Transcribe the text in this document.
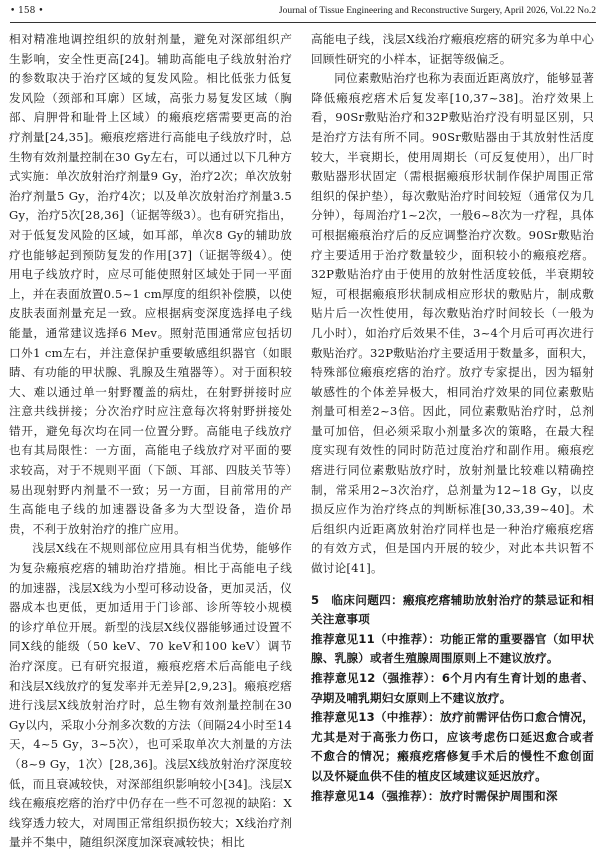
• 158 •	Journal of Tissue Engineering and Reconstructive Surgery, April 2026, Vol.22 No.2

相对精准地调控组织的放射剂量，避免对深部组织产生影响，安全性更高[24]。辅助高能电子线放射治疗的参数取决于治疗区域的复发风险。相比低张力低复发风险（颈部和耳廓）区域，高张力易复发区域（胸部、肩胛骨和耻骨上区域）的瘢痕疙瘩需要更高的治疗剂量[24,35]。瘢痕疙瘩进行高能电子线放疗时，总生物有效剂量控制在30 Gy左右，可以通过以下几种方式实施：单次放射治疗剂量9 Gy，治疗2次；单次放射治疗剂量5 Gy，治疗4次；以及单次放射治疗剂量3.5 Gy，治疗5次[28,36]（证据等级3）。也有研究指出，对于低复发风险的区域，如耳部，单次8 Gy的辅助放疗也能够起到预防复发的作用[37]（证据等级4）。使用电子线放疗时，应尽可能使照射区域处于同一平面上，并在表面放置0.5~1 cm厚度的组织补偿膜，以使皮肤表面剂量充足一致。应根据病变深度选择电子线能量，通常建议选择6 Mev。照射范围通常应包括切口外1 cm左右，并注意保护重要敏感组织器官（如眼睛、有功能的甲状腺、乳腺及生殖器等）。对于面积较大、难以通过单一射野覆盖的病灶，在射野拼接时应注意共线拼接；分次治疗时应注意每次将射野拼接处错开，避免每次均在同一位置分野。高能电子线放疗也有其局限性：一方面，高能电子线放疗对平面的要求较高，对于不规则平面（下颌、耳部、四肢关节等）易出现射野内剂量不一致；另一方面，目前常用的产生高能电子线的加速器设备多为大型设备，造价昂贵，不利于放射治疗的推广应用。

浅层X线在不规则部位应用具有相当优势，能够作为复杂瘢痕疙瘩的辅助治疗措施。相比于高能电子线的加速器，浅层X线为小型可移动设备，更加灵活，仪器成本也更低，更加适用于门诊部、诊所等较小规模的诊疗单位开展。新型的浅层X线仪器能够通过设置不同X线的能级（50 keV、70 keV和100 keV）调节治疗深度。已有研究报道，瘢痕疙瘩术后高能电子线和浅层X线放疗的复发率并无差异[2,9,23]。瘢痕疙瘩进行浅层X线放射治疗时，总生物有效剂量控制在30 Gy以内，采取小分剂多次数的方法（间隔24小时至14天，4~5 Gy，3~5次），也可采取单次大剂量的方法（8~9 Gy，1次）[28,36]。浅层X线放射治疗深度较低，而且衰减较快，对深部组织影响较小[34]。浅层X线在瘢痕疙瘩的治疗中仍存在一些不可忽视的缺陷：X线穿透力较大，对周围正常组织损伤较大；X线治疗剂量并不集中，随组织深度加深衰减较快；相比

高能电子线，浅层X线治疗瘢痕疙瘩的研究多为单中心回顾性研究的小样本，证据等级偏乏。

同位素敷贴治疗也称为表面近距离放疗，能够显著降低瘢痕疙瘩术后复发率[10,37~38]。治疗效果上看，90Sr敷贴治疗和32P敷贴治疗没有明显区别，只是治疗方法有所不同。90Sr敷贴器由于其放射性活度较大，半衰期长，使用周期长（可反复使用），出厂时敷贴器形状固定（需根据瘢痕形状制作保护周围正常组织的保护垫），每次敷贴治疗时间较短（通常仅为几分钟），每周治疗1~2次，一般6~8次为一疗程，具体可根据瘢痕治疗后的反应调整治疗次数。90Sr敷贴治疗主要适用于治疗数量较少，面积较小的瘢痕疙瘩。32P敷贴治疗由于使用的放射性活度较低，半衰期较短，可根据瘢痕形状制成相应形状的敷贴片，制成敷贴片后一次性使用，每次敷贴治疗时间较长（一般为几小时），如治疗后效果不佳，3~4个月后可再次进行敷贴治疗。32P敷贴治疗主要适用于数量多，面积大，特殊部位瘢痕疙瘩的治疗。放疗专家提出，因为辐射敏感性的个体差异极大，相同治疗效果的同位素敷贴剂量可相差2~3倍。因此，同位素敷贴治疗时，总剂量可加倍，但必须采取小剂量多次的策略，在最大程度实现有效性的同时防范过度治疗和副作用。瘢痕疙瘩进行同位素敷贴放疗时，放射剂量比较难以精确控制，常采用2~3次治疗，总剂量为12~18 Gy，以皮损反应作为治疗终点的判断标准[30,33,39~40]。术后组织内近距离放射治疗同样也是一种治疗瘢痕疙瘩的有效方式，但是国内开展的较少，对此本共识暂不做讨论[41]。

5　临床问题四：瘢痕疙瘩辅助放射治疗的禁忌证和相关注意事项

推荐意见11（中推荐）：功能正常的重要器官（如甲状腺、乳腺）或者生殖腺周围原则上不建议放疗。

推荐意见12（强推荐）：6个月内有生育计划的患者、孕期及哺乳期妇女原则上不建议放疗。

推荐意见13（中推荐）：放疗前需评估伤口愈合情况，尤其是对于高张力伤口，应该考虑伤口延迟愈合或者不愈合的情况；瘢痕疙瘩修复手术后的慢性不愈创面以及怀疑血供不佳的植皮区域建议延迟放疗。

推荐意见14（强推荐）：放疗时需保护周围和深
